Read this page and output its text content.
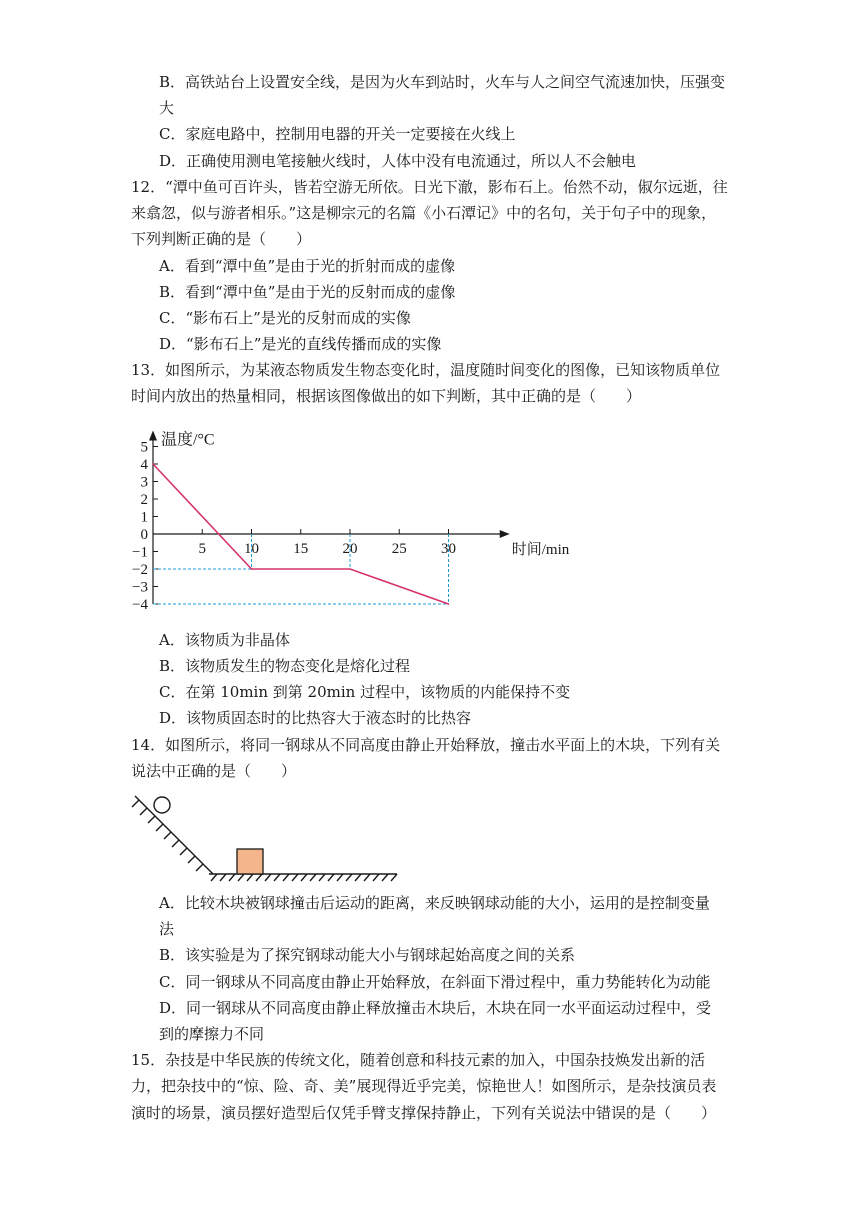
B．高铁站台上设置安全线，是因为火车到站时，火车与人之间空气流速加快，压强变
大
C．家庭电路中，控制用电器的开关一定要接在火线上
D．正确使用测电笔接触火线时，人体中没有电流通过，所以人不会触电
12．“潭中鱼可百许头，皆若空游无所依。日光下澈，影布石上。佁然不动，俶尔远逝，往
来翕忽，似与游者相乐。”这是柳宗元的名篇《小石潭记》中的名句，关于句子中的现象，
下列判断正确的是（　　）
A．看到“潭中鱼”是由于光的折射而成的虚像
B．看到“潭中鱼”是由于光的反射而成的虚像
C．“影布石上”是光的反射而成的实像
D．“影布石上”是光的直线传播而成的实像
13．如图所示，为某液态物质发生物态变化时，温度随时间变化的图像，已知该物质单位
时间内放出的热量相同，根据该图像做出的如下判断，其中正确的是（　　）
温度/°C
时间/min
5
4
3
2
1
0
−1
−2
−3
−4
5	10 15 20 25 30
A．该物质为非晶体
B．该物质发生的物态变化是熔化过程
C．在第 10min 到第 20min 过程中，该物质的内能保持不变
D．该物质固态时的比热容大于液态时的比热容
14．如图所示，将同一钢球从不同高度由静止开始释放，撞击水平面上的木块，下列有关
说法中正确的是（　　）
A．比较木块被钢球撞击后运动的距离，来反映钢球动能的大小，运用的是控制变量
法
B．该实验是为了探究钢球动能大小与钢球起始高度之间的关系
C．同一钢球从不同高度由静止开始释放，在斜面下滑过程中，重力势能转化为动能
D．同一钢球从不同高度由静止释放撞击木块后，木块在同一水平面运动过程中，受
到的摩擦力不同
15．杂技是中华民族的传统文化，随着创意和科技元素的加入，中国杂技焕发出新的活
力，把杂技中的“惊、险、奇、美”展现得近乎完美，惊艳世人！如图所示，是杂技演员表
演时的场景，演员摆好造型后仅凭手臂支撑保持静止，下列有关说法中错误的是（　　）
